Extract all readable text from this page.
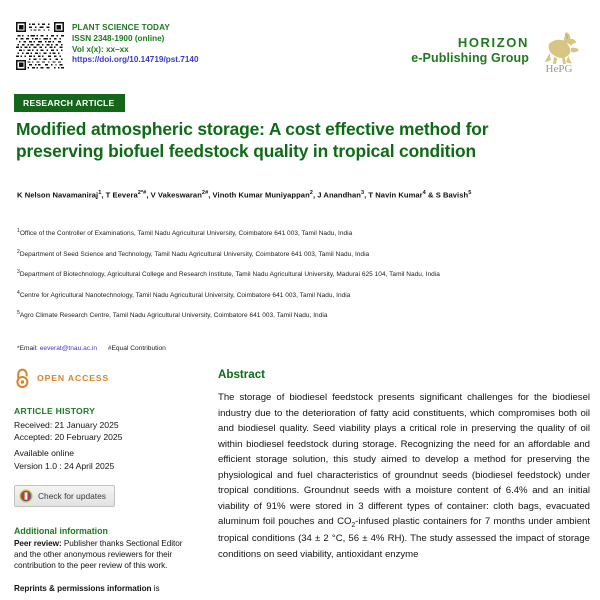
PLANT SCIENCE TODAY
ISSN 2348-1900 (online)
Vol x(x): xx–xx
https://doi.org/10.14719/pst.7140
HORIZON
e-Publishing Group
HePG
RESEARCH ARTICLE
Modified atmospheric storage: A cost effective method for preserving biofuel feedstock quality in tropical condition
K Nelson Navamaniraj$^1$, T Eevera$^{2*\#}$, V Vakeswaran$^{2\#}$, Vinoth Kumar Muniyappan$^2$, J Anandhan$^3$, T Navin Kumar$^4$ & S Bavish$^5$
$^1$Office of the Controller of Examinations, Tamil Nadu Agricultural University, Coimbatore 641 003, Tamil Nadu, India
$^2$Department of Seed Science and Technology, Tamil Nadu Agricultural University, Coimbatore 641 003, Tamil Nadu, India
$^3$Department of Biotechnology, Agricultural College and Research Institute, Tamil Nadu Agricultural University, Madurai 625 104, Tamil Nadu, India
$^4$Centre for Agricultural Nanotechnology, Tamil Nadu Agricultural University, Coimbatore 641 003, Tamil Nadu, India
$^5$Agro Climate Research Centre, Tamil Nadu Agricultural University, Coimbatore 641 003, Tamil Nadu, India
*Email: eeverat@tnau.ac.in #Equal Contribution
OPEN ACCESS
ARTICLE HISTORY
Received: 21 January 2025
Accepted: 20 February 2025
Available online
Version 1.0 : 24 April 2025
Check for updates
Additional information
Peer review: Publisher thanks Sectional Editor and the other anonymous reviewers for their contribution to the peer review of this work.
Reprints & permissions information is
Abstract
The storage of biodiesel feedstock presents significant challenges for the biodiesel industry due to the deterioration of fatty acid constituents, which compromises both oil and biodiesel quality. Seed viability plays a critical role in preserving the quality of oil within biodiesel feedstock during storage. Recognizing the need for an affordable and efficient storage solution, this study aimed to develop a method for preserving the physiological and fuel characteristics of groundnut seeds (biodiesel feedstock) under tropical conditions. Groundnut seeds with a moisture content of 6.4% and an initial viability of 91% were stored in 3 different types of container: cloth bags, evacuated aluminum foil pouches and $CO_2$-infused plastic containers for 7 months under ambient tropical conditions (34 ± 2 °C, 56 ± 4% RH). The study assessed the impact of storage conditions on seed viability, antioxidant enzyme
